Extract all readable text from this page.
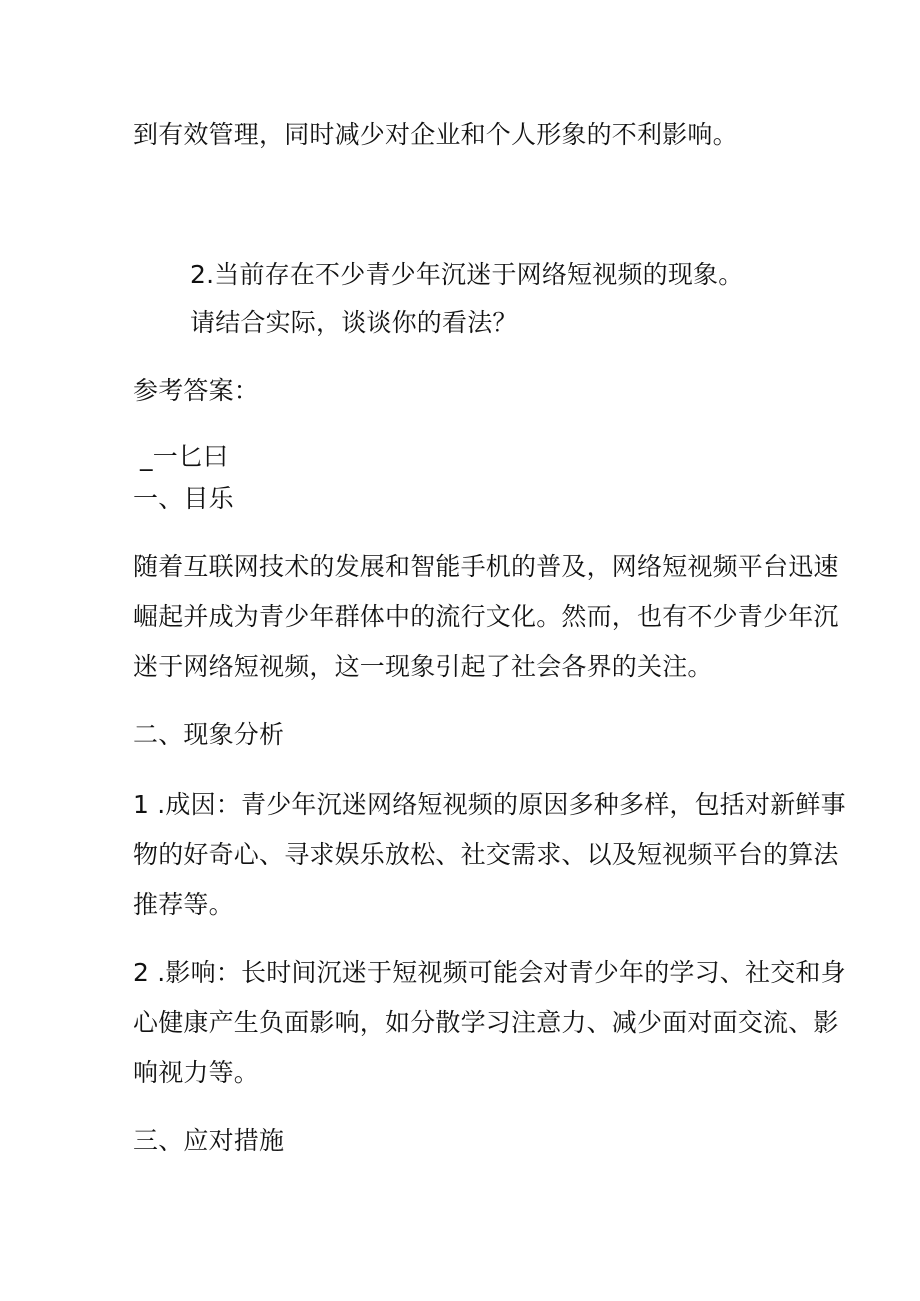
到有效管理，同时减少对企业和个人形象的不利影响。
2.当前存在不少青少年沉迷于网络短视频的现象。
请结合实际，谈谈你的看法？
参考答案：
_一匕曰
一、目乐
随着互联网技术的发展和智能手机的普及，网络短视频平台迅速
崛起并成为青少年群体中的流行文化。然而，也有不少青少年沉
迷于网络短视频，这一现象引起了社会各界的关注。
二、现象分析
1 .成因：青少年沉迷网络短视频的原因多种多样，包括对新鲜事
物的好奇心、寻求娱乐放松、社交需求、以及短视频平台的算法
推荐等。
2 .影响：长时间沉迷于短视频可能会对青少年的学习、社交和身
心健康产生负面影响，如分散学习注意力、减少面对面交流、影
响视力等。
三、应对措施
